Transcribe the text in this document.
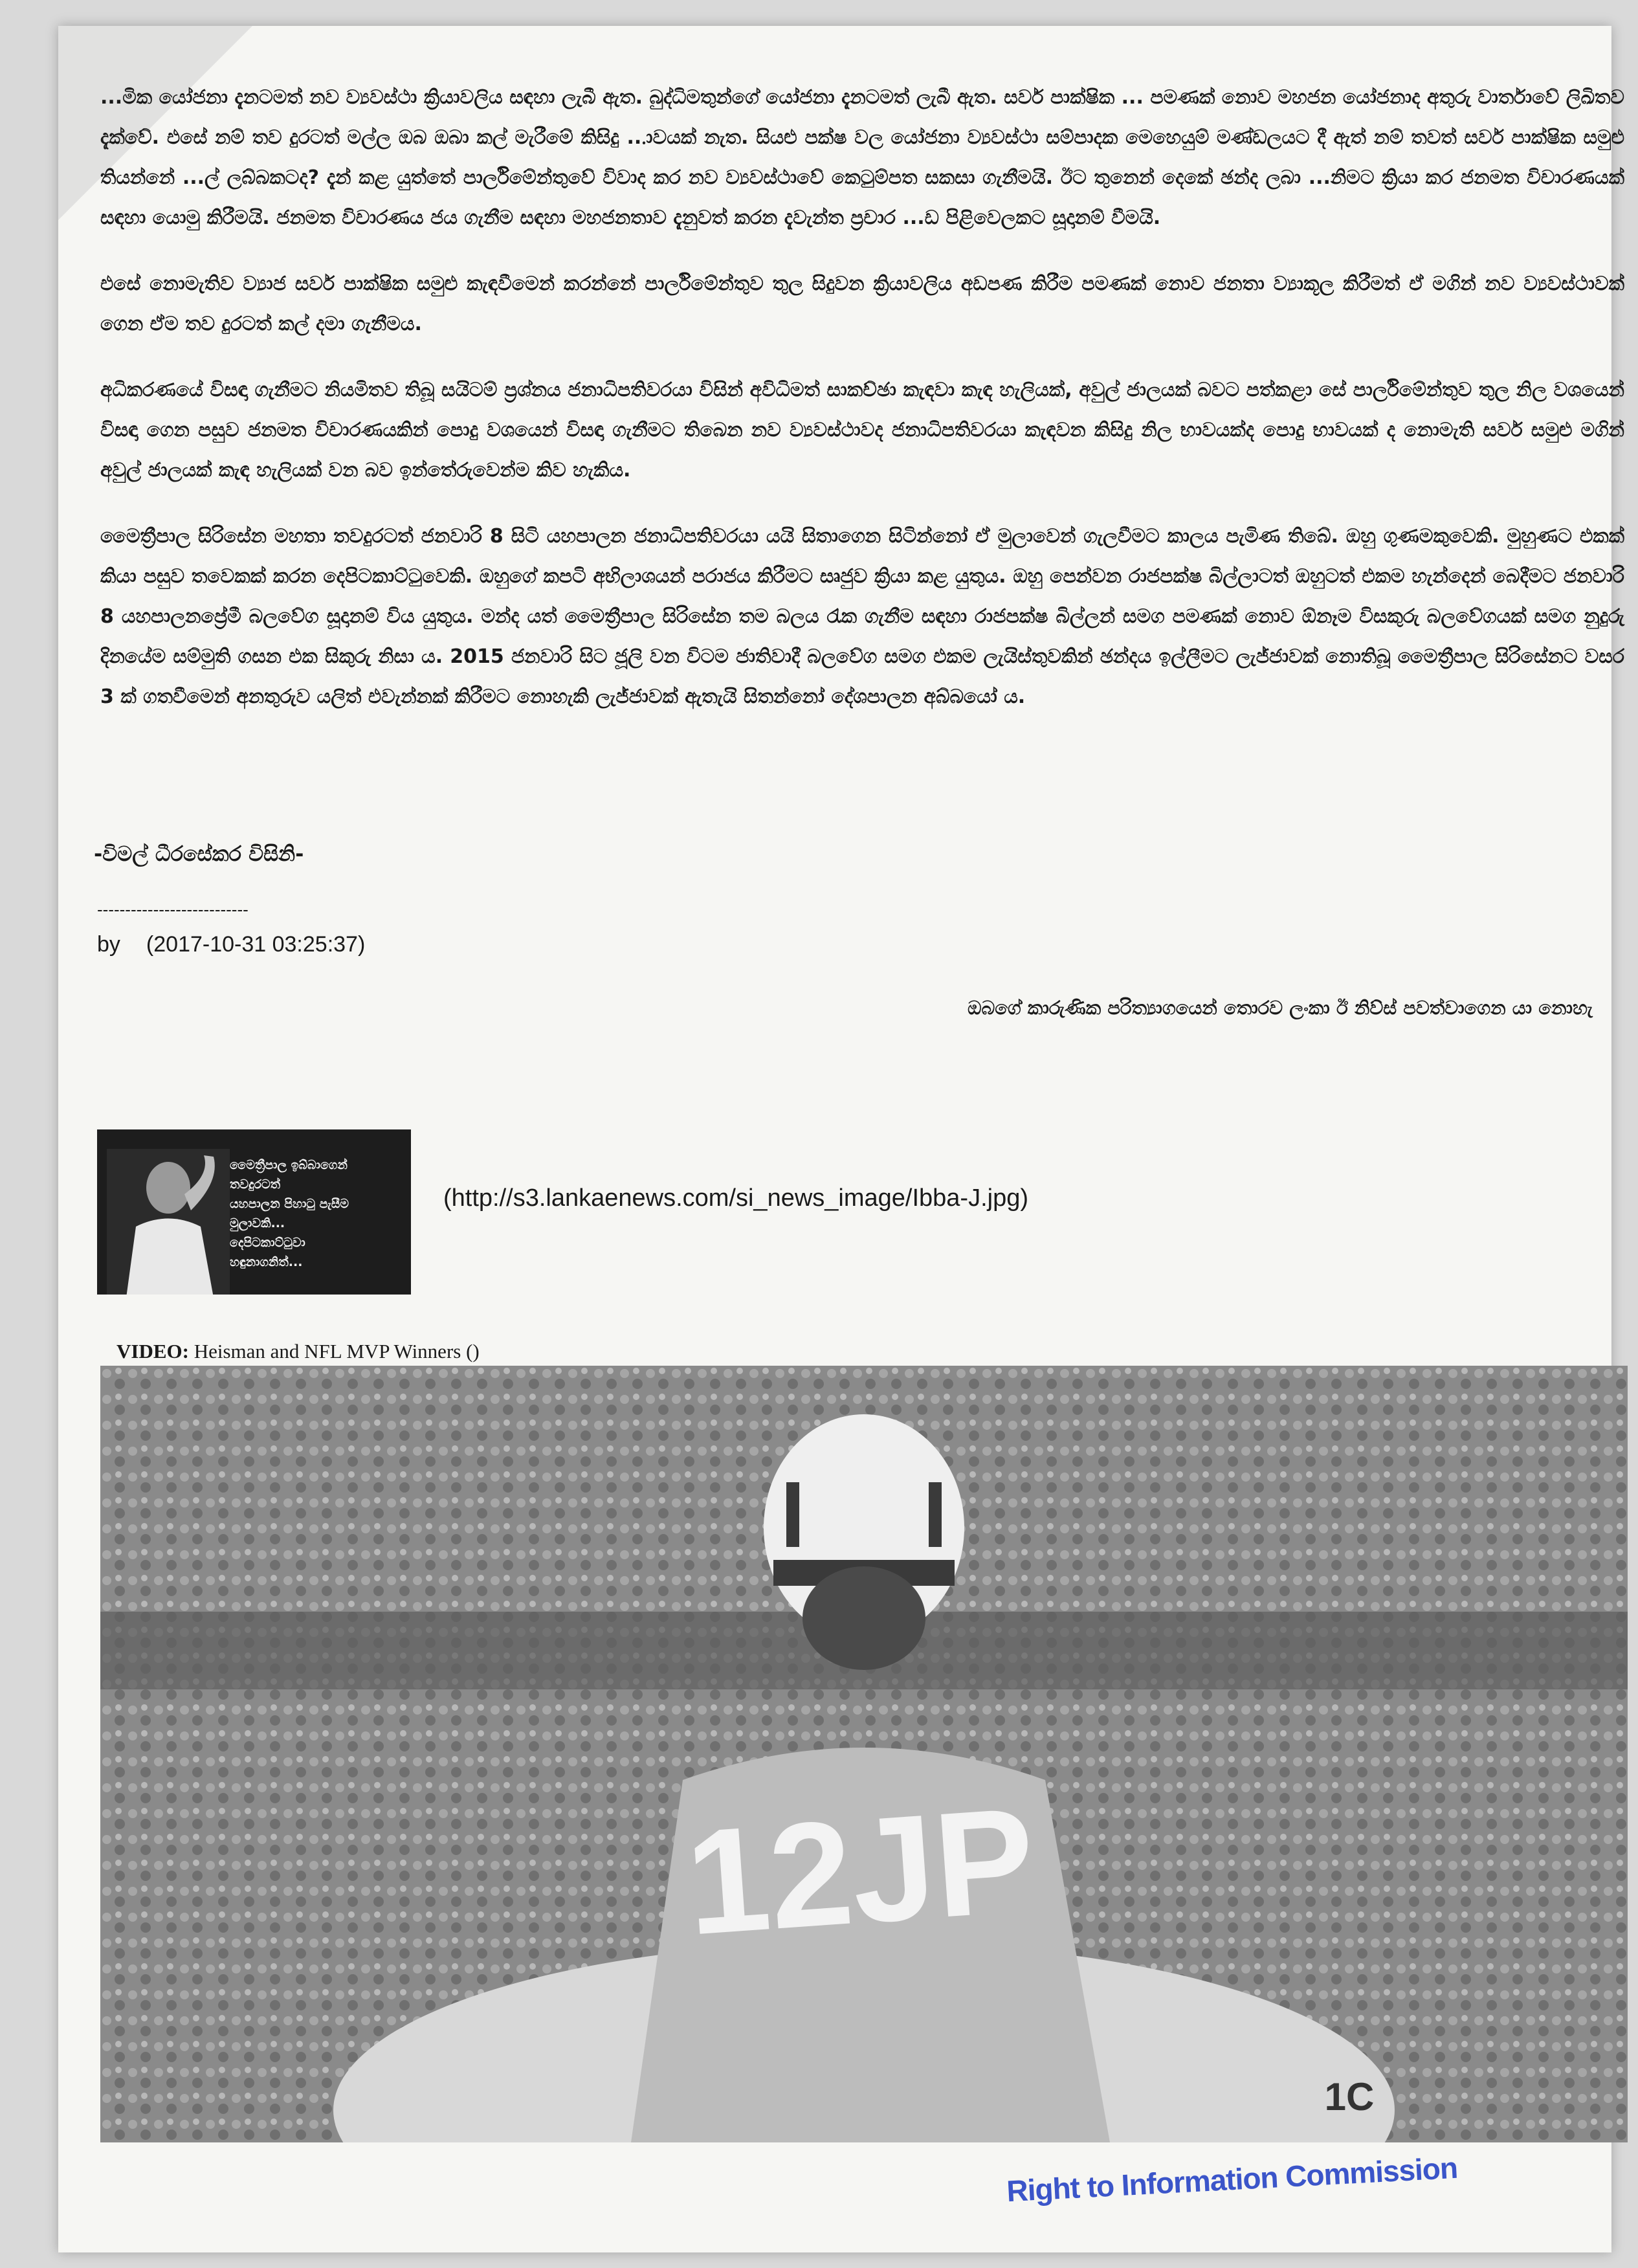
...මික යෝජනා දැනටමත් නව ව්‍යවස්ථා ක්‍රියාවලිය සඳහා ලැබී ඇත. බුද්ධිමතුන්ගේ යෝජනා දැනටමත් ලැබී ඇත. සර්ව පාක්ෂික ... පමණක් නොව මහජන යෝජනාද අතුරු වාර්තාවේ ලිඛිතව දැක්වේ. එසේ නම් තව දුරටත් මල්ල ඔබ ඔබා කල් මැරීමේ කිසිදු ...ාවයක් නැත. සියළු පක්ෂ වල යෝජනා ව්‍යවස්ථා සම්පාදක මෙහෙයුම් මණ්ඩලයට දී ඇත් නම් තවත් සර්ව පාක්ෂික සමුළු තියන්නේ ...ල් ලබ්බකටද? දැන් කළ යුත්තේ පාර්ලිමේන්තුවේ විවාද කර නව ව්‍යවස්ථාවේ කෙටුම්පත සකසා ගැනීමයි. ඊට තුනෙන් දෙකේ ඡන්ද ලබා ...නිමට ක්‍රියා කර ජනමත විචාරණයක් සඳහා යොමු කිරීමයි. ජනමත විචාරණය ජය ගැනීම සඳහා මහජනතාව දැනුවත් කරන දැවැන්ත ප්‍රචාර ...ඩ පිළිවෙලකට සූදානම් වීමයි.

එසේ නොමැතිව ව්‍යාජ සර්ව පාක්ෂික සමුළු කැඳවීමෙන් කරන්නේ පාර්ලිමේන්තුව තුල සිදුවන ක්‍රියාවලිය අඩපණ කිරීම පමණක් නොව ජනතා ව්‍යාකූල කිරීමත් ඒ මගින් නව ව්‍යවස්ථාවක් ගෙන ඒම තව දුරටත් කල් දමා ගැනීමය.

අධිකරණයේ විසඳා ගැනීමට නියමිතව තිබූ සයිටම් ප්‍රශ්නය ජනාධිපතිවරයා විසින් අවිධිමත් සාකච්ඡා කැඳවා කැඳ හැලියක්, අවුල් ජාලයක් බවට පත්කළා සේ පාර්ලිමේන්තුව තුල නිල වශයෙන් විසඳා ගෙන පසුව ජනමත විචාරණයකින් පොදු වශයෙන් විසඳා ගැනීමට තිබෙන නව ව්‍යවස්ථාවද ජනාධිපතිවරයා කැඳවන කිසිදු නිල භාවයක්ද පොදු භාවයක් ද නොමැති සර්ව සමුළු මගින් අවුල් ජාලයක් කැඳ හැලියක් වන බව ඉන්තේරුවෙන්ම කිව හැකිය.

මෛත්‍රීපාල සිරිසේන මහතා තවදුරටත් ජනවාරි 8 සිටි යහපාලන ජනාධිපතිවරයා යයි සිතාගෙන සිටින්නෝ ඒ මුලාවෙන් ගැලවීමට කාලය පැමිණ තිබේ. ඔහු ගුණමකුවෙකි. මුහුණට එකක් කියා පසුව තවෙකක් කරන දෙපිටකාට්ටුවෙකි. ඔහුගේ කපටි අභිලාශයන් පරාජය කිරීමට සෘජුව ක්‍රියා කළ යුතුය. ඔහු පෙන්වන රාජපක්ෂ බිල්ලාටත් ඔහුටත් එකම හැන්දෙන් බෙදීමට ජනවාරි 8 යහපාලනප්‍රේමී බලවේග සූදානම් විය යුතුය. මන්ද යත් මෛත්‍රීපාල සිරිසේන තම බලය රැක ගැනීම සඳහා රාජපක්ෂ බිල්ලන් සමග පමණක් නොව ඕනෑම විසකුරු බලවේගයක් සමග නුදුරු දිනයේම සම්මුති ගසන එක සිකුරු නිසා ය. 2015 ජනවාරි සිට ජූලි වන විටම ජාතිවාදී බලවේග සමග එකම ලැයිස්තුවකින් ඡන්දය ඉල්ලීමට ලැජ්ජාවක් නොතිබූ මෛත්‍රීපාල සිරිසේනට වසර 3 ක් ගතවීමෙන් අනතුරුව යලිත් එවැන්නක් කිරීමට නොහැකි ලැජ්ජාවක් ඇතැයි සිතන්නෝ දේශපාලන අබ්බයෝ ය.

-විමල් ධීරසේකර විසිනි-
---------------------------
by (2017-10-31 03:25:37)
ඔබගේ කාරුණික පරිත්‍යාගයෙන් තොරව ලංකා ඊ නිව්ස් පවත්වාගෙන යා නොහැ
මෛත්‍රීපාල ඉබ්බාගෙන්
තවදුරටත්
යහපාලන පිහාටු පැසීම
මුලාවකි...
දෙපිටකාට්ටුවා
හඳුනාගනිත්...
(http://s3.lankaenews.com/si_news_image/Ibba-J.jpg)
VIDEO: Heisman and NFL MVP Winners ()
12JP
1C
Right to Information Commission
